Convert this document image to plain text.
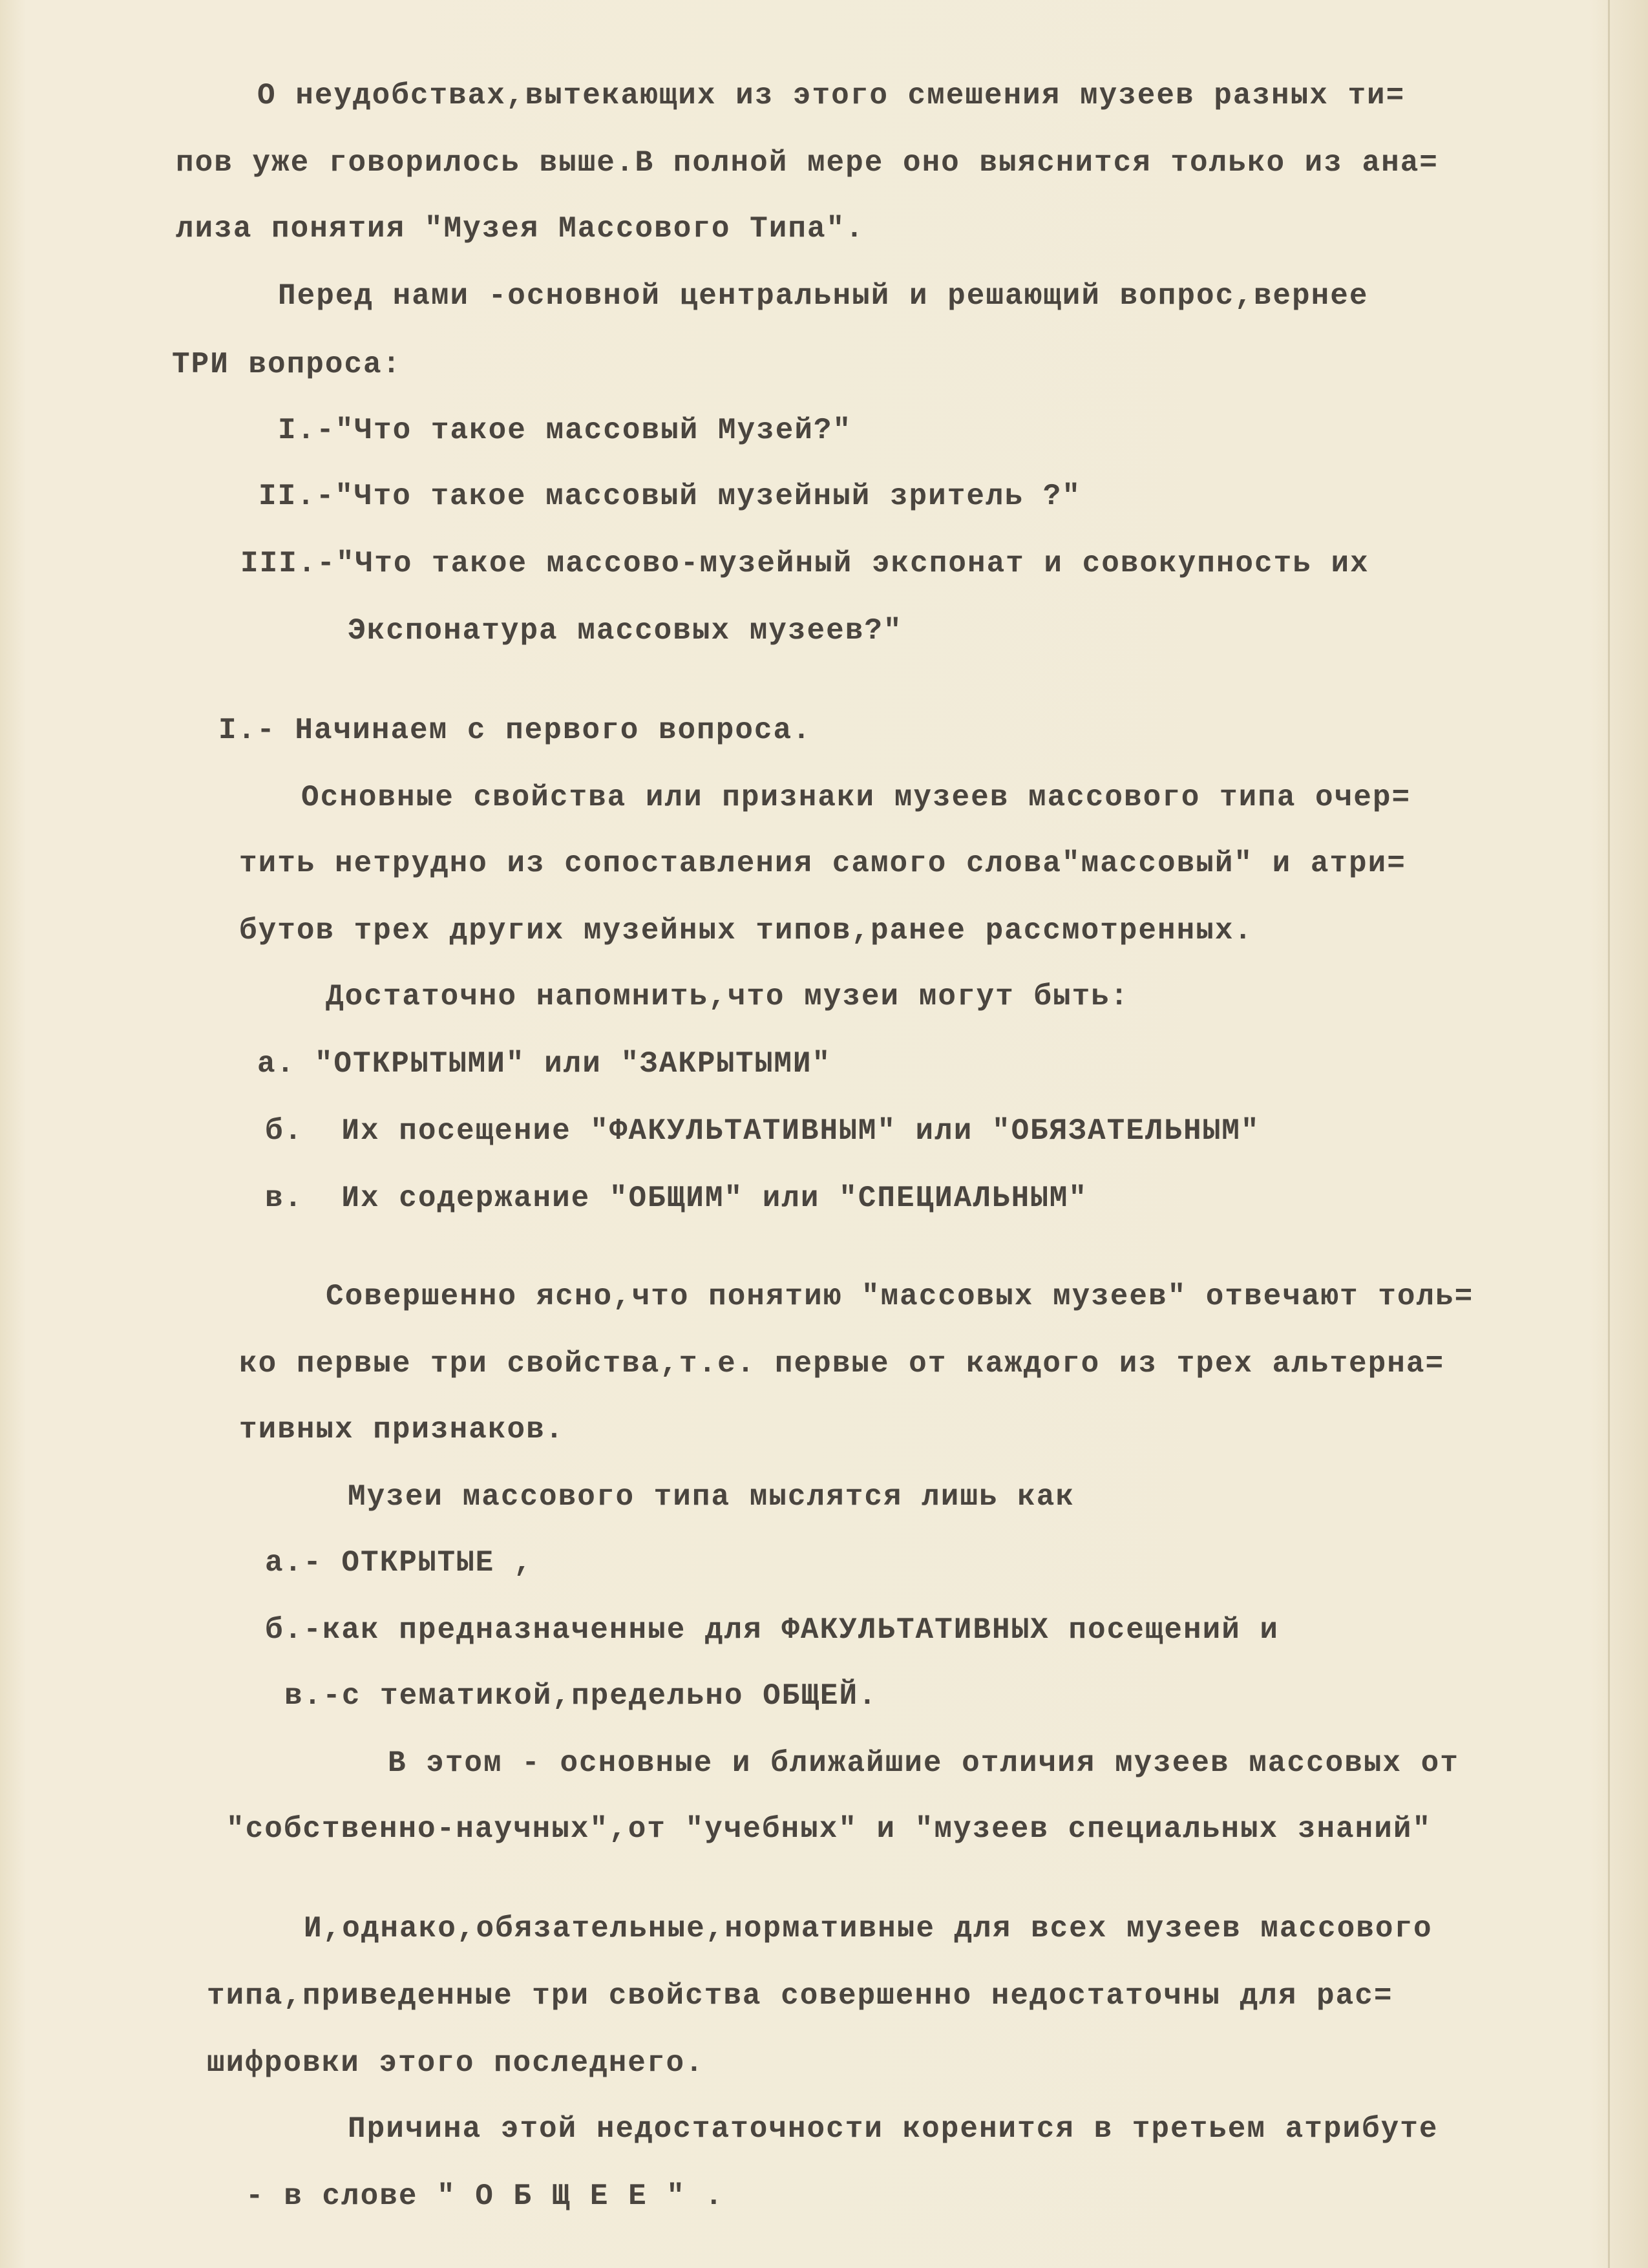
О неудобствах,вытекающих из этого смешения музеев разных ти=

пов уже говорилось выше.В полной мере оно выяснится только из ана=

лиза понятия "Музея Массового Типа".

Перед нами -основной центральный и решающий вопрос,вернее

ТРИ вопроса:

I.-"Что такое массовый Музей?"

II.-"Что такое массовый музейный зритель ?"

III.-"Что такое массово-музейный экспонат и совокупность их

Экспонатура массовых музеев?"

I.- Начинаем с первого вопроса.

Основные свойства или признаки музеев массового типа очер=

тить нетрудно из сопоставления самого слова"массовый" и атри=

бутов трех других музейных типов,ранее рассмотренных.

Достаточно напомнить,что музеи могут быть:

а. "ОТКРЫТЫМИ" или "ЗАКРЫТЫМИ"

б.  Их посещение "ФАКУЛЬТАТИВНЫМ" или "ОБЯЗАТЕЛЬНЫМ"

в.  Их содержание "ОБЩИМ" или "СПЕЦИАЛЬНЫМ"

Совершенно ясно,что понятию "массовых музеев" отвечают толь=

ко первые три свойства,т.е. первые от каждого из трех альтерна=

тивных признаков.

Музеи массового типа мыслятся лишь как

а.- ОТКРЫТЫЕ ,

б.-как предназначенные для ФАКУЛЬТАТИВНЫХ посещений и

в.-с тематикой,предельно ОБЩЕЙ.

В этом - основные и ближайшие отличия музеев массовых от

"собственно-научных",от "учебных" и "музеев специальных знаний"

И,однако,обязательные,нормативные для всех музеев массового

типа,приведенные три свойства совершенно недостаточны для рас=

шифровки этого последнего.

Причина этой недостаточности коренится в третьем атрибуте

- в слове " О Б Щ Е Е " .
